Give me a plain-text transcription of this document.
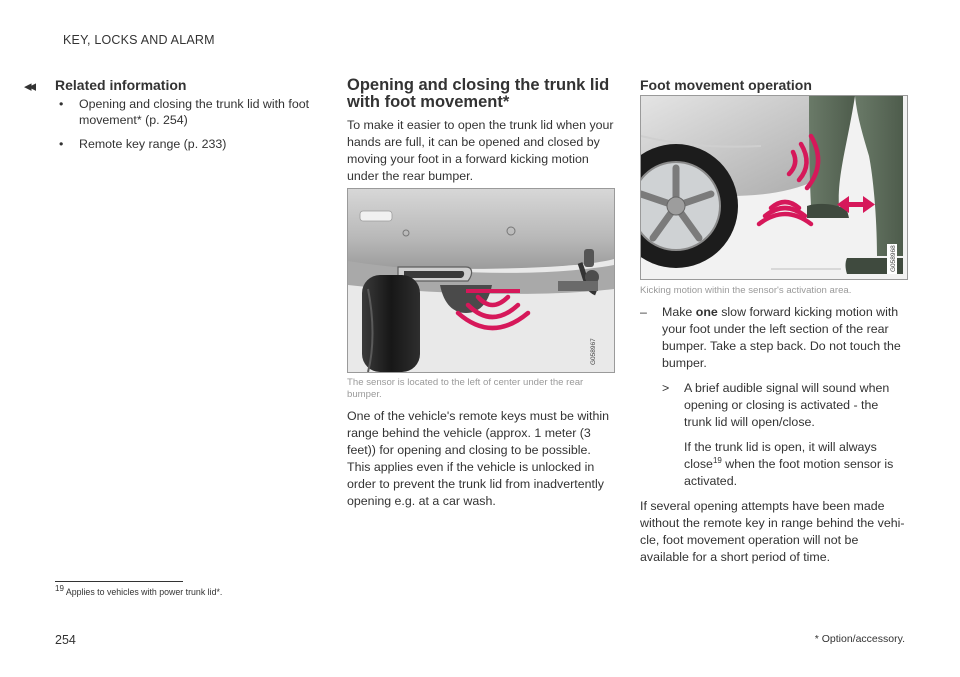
KEY, LOCKS AND ALARM
◂◂ Related information
• Opening and closing the trunk lid with foot movement* (p. 254)
• Remote key range (p. 233)
Opening and closing the trunk lid with foot movement*
To make it easier to open the trunk lid when your hands are full, it can be opened and closed by moving your foot in a forward kicking motion under the rear bumper.
G058967
The sensor is located to the left of center under the rear bumper.
One of the vehicle's remote keys must be within range behind the vehicle (approx. 1 meter (3 feet)) for opening and closing to be possible. This applies even if the vehicle is unlocked in order to prevent the trunk lid from inadvertently opening e.g. at a car wash.
Foot movement operation
G058968
Kicking motion within the sensor's activation area.
– Make one slow forward kicking motion with your foot under the left section of the rear bumper. Take a step back. Do not touch the bumper.
> A brief audible signal will sound when opening or closing is activated - the trunk lid will open/close.
If the trunk lid is open, it will always close$^{19}$ when the foot motion sensor is activated.
If several opening attempts have been made without the remote key in range behind the vehi-cle, foot movement operation will not be available for a short period of time.
$^{19}$ Applies to vehicles with power trunk lid*.
* Option/accessory.
254
